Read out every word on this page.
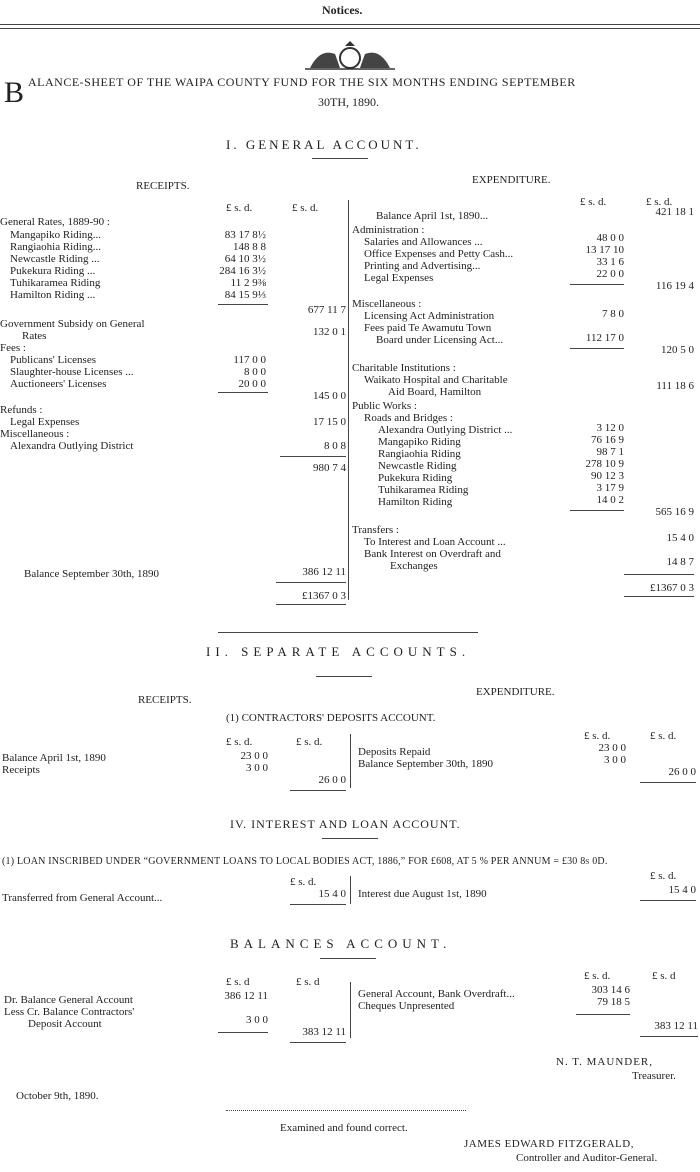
Notices.
B ALANCE-SHEET OF THE WAIPA COUNTY FUND FOR THE SIX MONTHS ENDING SEPTEMBER
30TH, 1890.
I. GENERAL ACCOUNT.
RECEIPTS.	EXPENDITURE.
£ s. d.	£ s. d.	£ s. d.	£ s. d.
General Rates, 1889-90 :
Mangapiko Riding...	83 17 8½
Rangiaohia Riding...	148 8 8
Newcastle Riding ...	64 10 3½
Pukekura Riding ...	284 16 3½
Tuhikaramea Riding	11 2 9⅜
Hamilton Riding ...	84 15 9⅓
677 11 7
Government Subsidy on General
Rates	132 0 1
Fees :
Publicans' Licenses	117 0 0
Slaughter-house Licenses ...	8 0 0
Auctioneers' Licenses	20 0 0
145 0 0
Refunds :
Legal Expenses	17 15 0
Miscellaneous :
Alexandra Outlying District	8 0 8
980 7 4
Balance September 30th, 1890	386 12 11
£1367 0 3
Balance April 1st, 1890...	421 18 1
Administration :
Salaries and Allowances ...	48 0 0
Office Expenses and Petty Cash...	13 17 10
Printing and Advertising...	33 1 6
Legal Expenses	22 0 0
116 19 4
Miscellaneous :
Licensing Act Administration	7 8 0
Fees paid Te Awamutu Town
Board under Licensing Act...	112 17 0
120 5 0
Charitable Institutions :
Waikato Hospital and Charitable
Aid Board, Hamilton	111 18 6
Public Works :
Roads and Bridges :
Alexandra Outlying District ...	3 12 0
Mangapiko Riding	76 16 9
Rangiaohia Riding	98 7 1
Newcastle Riding	278 10 9
Pukekura Riding	90 12 3
Tuhikaramea Riding	3 17 9
Hamilton Riding	14 0 2
565 16 9
Transfers :
To Interest and Loan Account ...	15 4 0
Bank Interest on Overdraft and
Exchanges	14 8 7
£1367 0 3
II. SEPARATE ACCOUNTS.
RECEIPTS.
EXPENDITURE.
(1) CONTRACTORS' DEPOSITS ACCOUNT.
£ s. d.	£ s. d.	£ s. d.	£ s. d.
Balance April 1st, 1890	23 0 0
Receipts	3 0 0
26 0 0
Deposits Repaid	23 0 0
Balance September 30th, 1890	3 0 0
26 0 0
IV. INTEREST AND LOAN ACCOUNT.
(1) LOAN INSCRIBED UNDER “GOVERNMENT LOANS TO LOCAL BODIES ACT, 1886,” FOR £608, AT 5 % PER ANNUM = £30 8s 0D.
£ s. d.	£ s. d.
Transferred from General Account...	15 4 0 Interest due August 1st, 1890	15 4 0
BALANCES ACCOUNT.
£ s. d	£ s. d	£ s. d.	£ s. d
Dr. Balance General Account	386 12 11
Less Cr. Balance Contractors'
Deposit Account	3 0 0
383 12 11
General Account, Bank Overdraft...	303 14 6
Cheques Unpresented	79 18 5
383 12 11
N. T. MAUNDER,
Treasurer.
October 9th, 1890.
Examined and found correct.
JAMES EDWARD FITZGERALD,
Controller and Auditor-General.
